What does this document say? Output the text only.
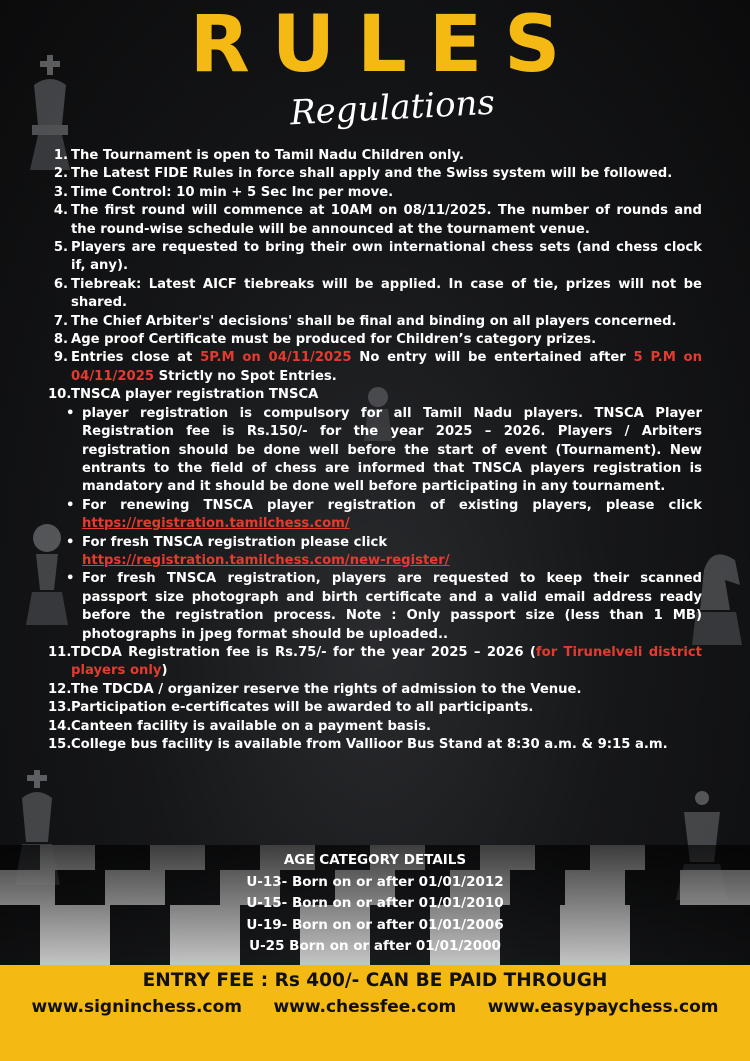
RULES
Regulations
1. The Tournament is open to Tamil Nadu Children only.
2. The Latest FIDE Rules in force shall apply and the Swiss system will be followed.
3. Time Control: 10 min + 5 Sec Inc per move.
4. The first round will commence at 10AM on 08/11/2025. The number of rounds and the round-wise schedule will be announced at the tournament venue.
5. Players are requested to bring their own international chess sets (and chess clock if, any).
6. Tiebreak: Latest AICF tiebreaks will be applied. In case of tie, prizes will not be shared.
7. The Chief Arbiter's' decisions' shall be final and binding on all players concerned.
8. Age proof Certificate must be produced for Children’s category prizes.
9. Entries close at 5P.M on 04/11/2025 No entry will be entertained after 5 P.M on 04/11/2025 Strictly no Spot Entries.
10. TNSCA player registration TNSCA
• player registration is compulsory for all Tamil Nadu players. TNSCA Player Registration fee is Rs.150/- for the year 2025 – 2026. Players / Arbiters registration should be done well before the start of event (Tournament). New entrants to the field of chess are informed that TNSCA players registration is mandatory and it should be done well before participating in any tournament.
• For renewing TNSCA player registration of existing players, please click https://registration.tamilchess.com/
• For fresh TNSCA registration please click
https://registration.tamilchess.com/new-register/
• For fresh TNSCA registration, players are requested to keep their scanned passport size photograph and birth certificate and a valid email address ready before the registration process. Note : Only passport size (less than 1 MB) photographs in jpeg format should be uploaded..
11. TDCDA Registration fee is Rs.75/- for the year 2025 – 2026 (for Tirunelveli district players only)
12. The TDCDA / organizer reserve the rights of admission to the Venue.
13. Participation e-certificates will be awarded to all participants.
14. Canteen facility is available on a payment basis.
15. College bus facility is available from Vallioor Bus Stand at 8:30 a.m. & 9:15 a.m.
AGE CATEGORY DETAILS
U-13- Born on or after 01/01/2012
U-15- Born on or after 01/01/2010
U-19- Born on or after 01/01/2006
U-25 Born on or after 01/01/2000
ENTRY FEE : Rs 400/- CAN BE PAID THROUGH
www.signinchess.com www.chessfee.com www.easypaychess.com
